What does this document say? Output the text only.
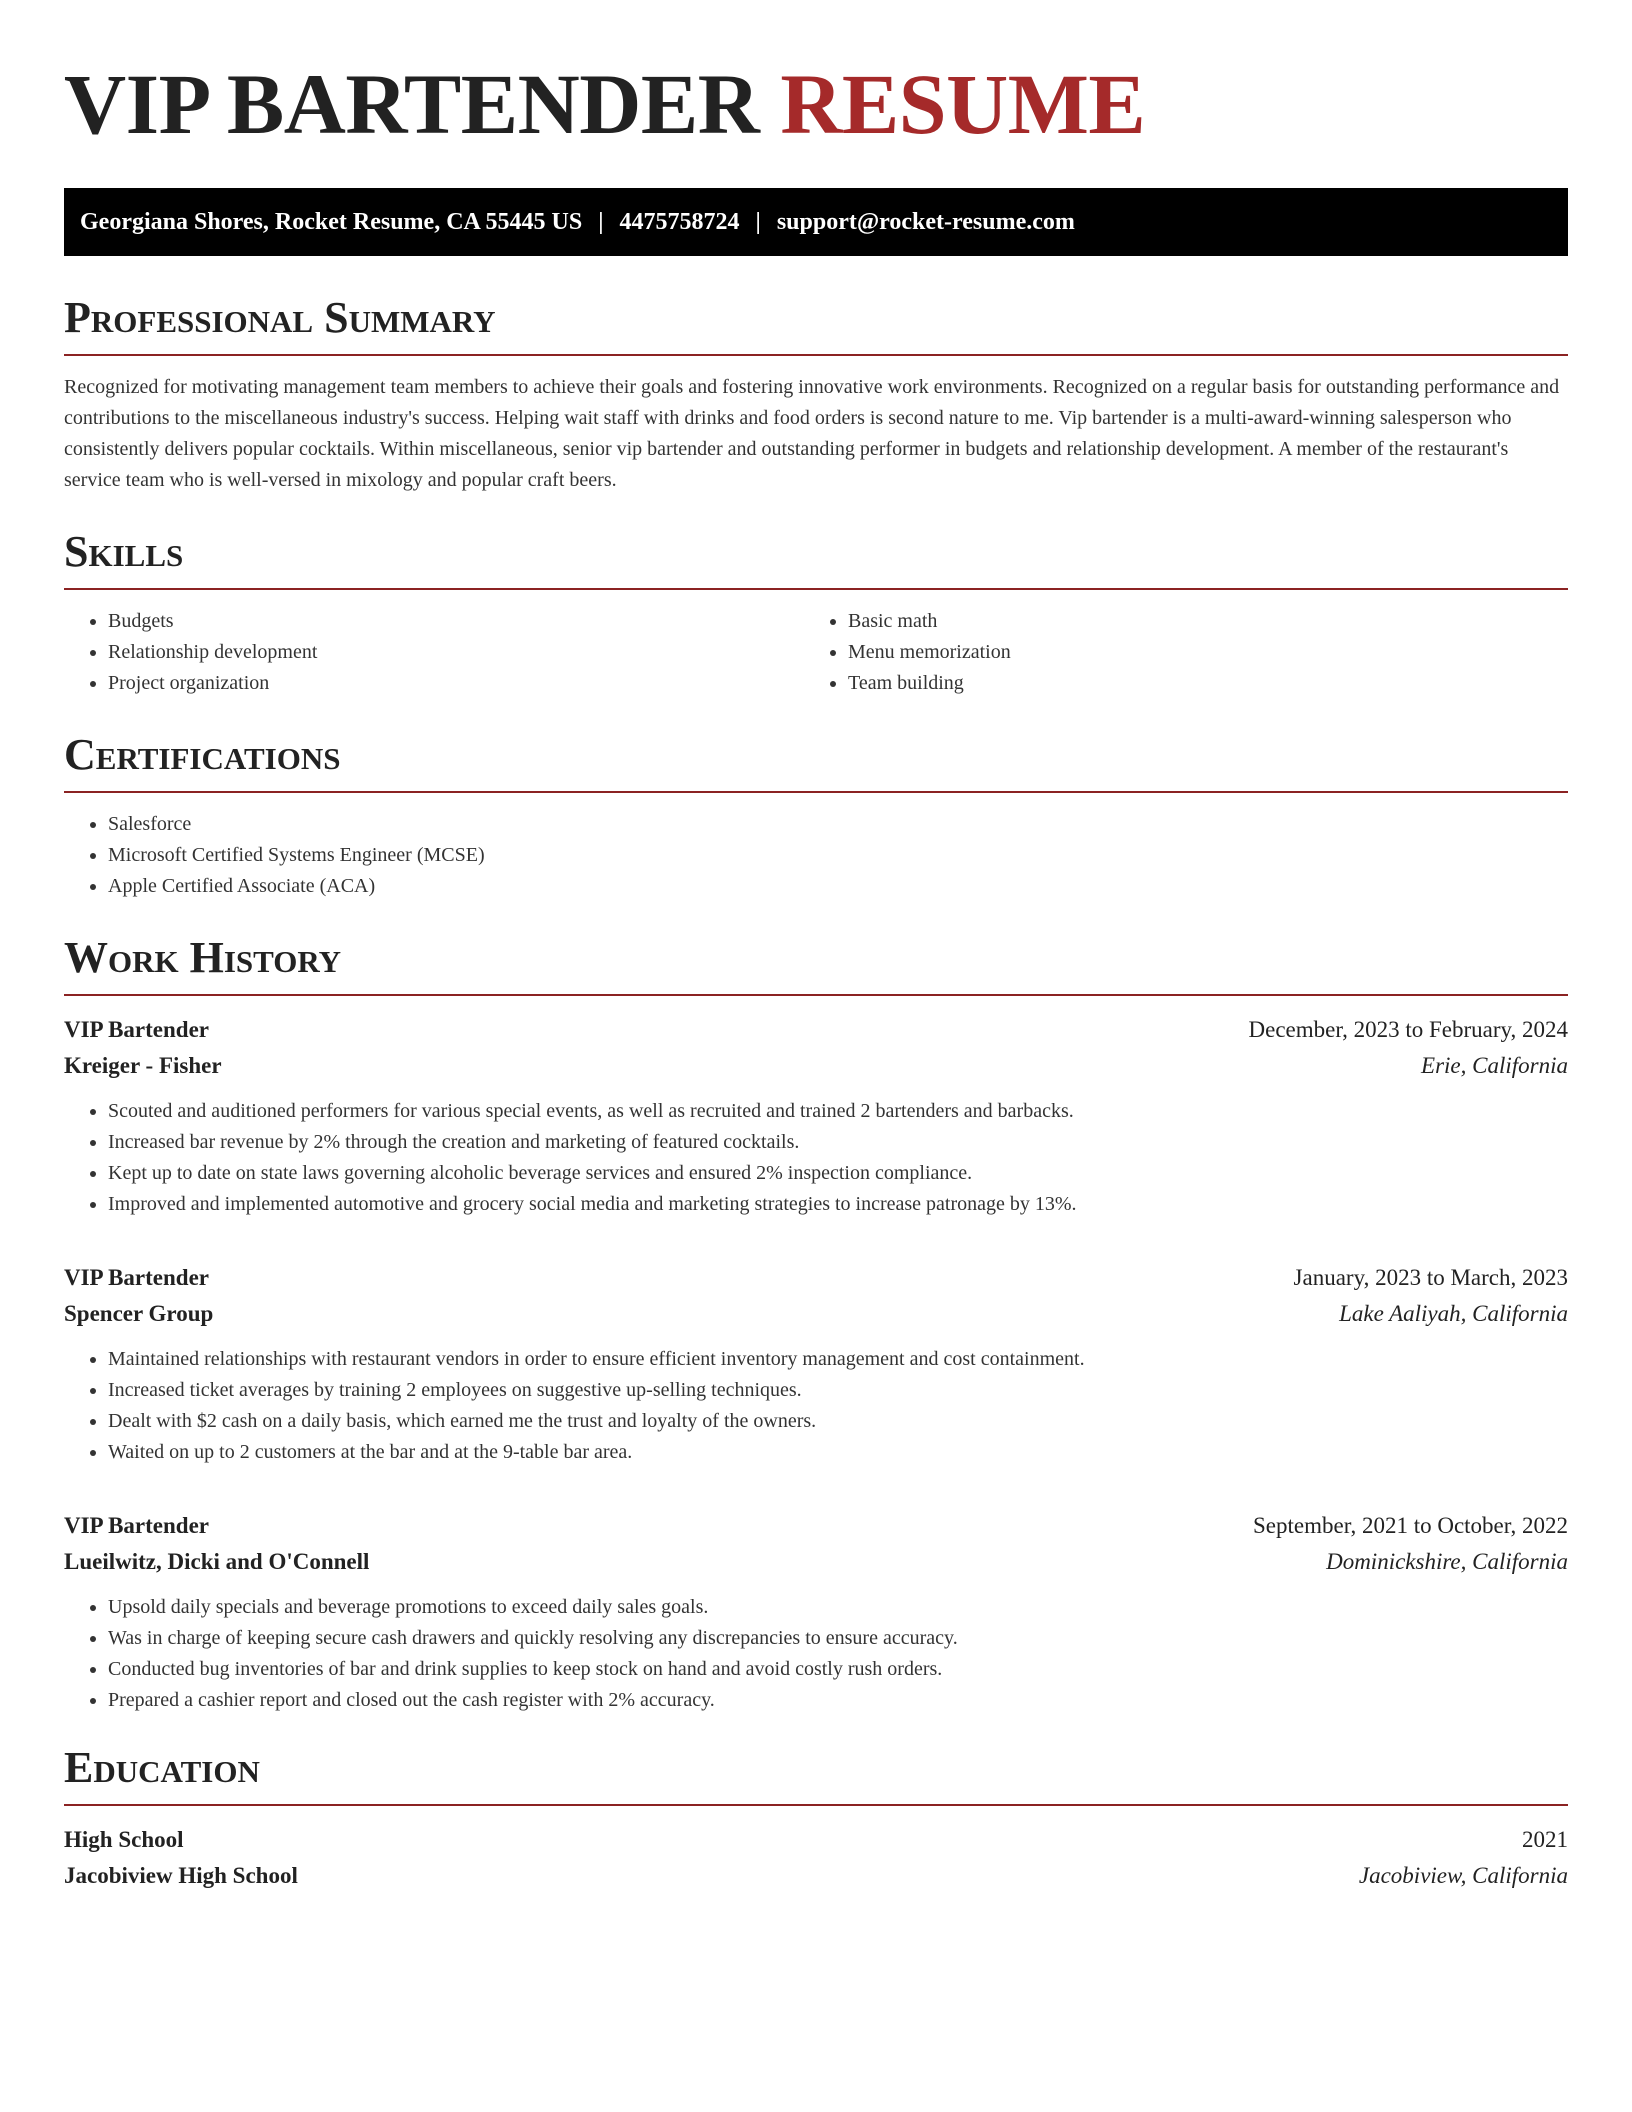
VIP BARTENDER RESUME
Georgiana Shores, Rocket Resume, CA 55445 US | 4475758724 | support@rocket-resume.com
Professional Summary

Recognized for motivating management team members to achieve their goals and fostering innovative work environments. Recognized on a regular basis for outstanding performance and contributions to the miscellaneous industry's success. Helping wait staff with drinks and food orders is second nature to me. Vip bartender is a multi-award-winning salesperson who consistently delivers popular cocktails. Within miscellaneous, senior vip bartender and outstanding performer in budgets and relationship development. A member of the restaurant's service team who is well-versed in mixology and popular craft beers.

Skills
• Budgets
• Relationship development
• Project organization
• Basic math
• Menu memorization
• Team building
Certifications
• Salesforce
• Microsoft Certified Systems Engineer (MCSE)
• Apple Certified Associate (ACA)
Work History
VIP Bartender	December, 2023 to February, 2024
Kreiger - Fisher	Erie, California
• Scouted and auditioned performers for various special events, as well as recruited and trained 2 bartenders and barbacks.
• Increased bar revenue by 2% through the creation and marketing of featured cocktails.
• Kept up to date on state laws governing alcoholic beverage services and ensured 2% inspection compliance.
• Improved and implemented automotive and grocery social media and marketing strategies to increase patronage by 13%.
VIP Bartender	January, 2023 to March, 2023
Spencer Group	Lake Aaliyah, California
• Maintained relationships with restaurant vendors in order to ensure efficient inventory management and cost containment.
• Increased ticket averages by training 2 employees on suggestive up-selling techniques.
• Dealt with $2 cash on a daily basis, which earned me the trust and loyalty of the owners.
• Waited on up to 2 customers at the bar and at the 9-table bar area.
VIP Bartender	September, 2021 to October, 2022
Lueilwitz, Dicki and O'Connell	Dominickshire, California
• Upsold daily specials and beverage promotions to exceed daily sales goals.
• Was in charge of keeping secure cash drawers and quickly resolving any discrepancies to ensure accuracy.
• Conducted bug inventories of bar and drink supplies to keep stock on hand and avoid costly rush orders.
• Prepared a cashier report and closed out the cash register with 2% accuracy.
Education
High School	2021
Jacobiview High School	Jacobiview, California
